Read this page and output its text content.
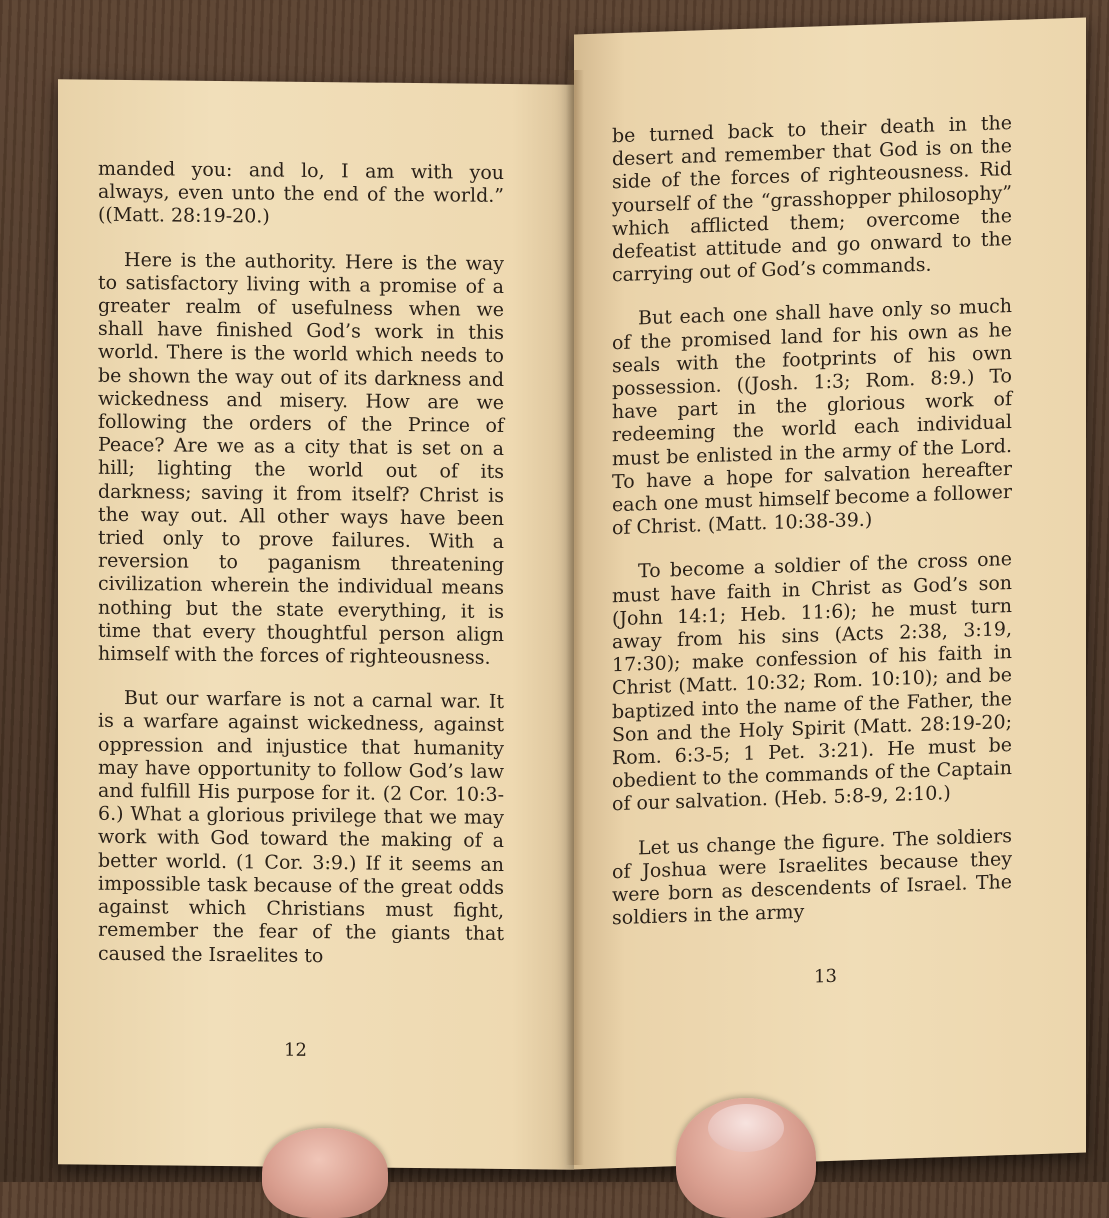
manded you: and lo, I am with you always, even unto the end of the world.” ((Matt. 28:19-20.)

Here is the authority. Here is the way to satisfactory living with a promise of a greater realm of usefulness when we shall have finished God’s work in this world. There is the world which needs to be shown the way out of its darkness and wickedness and misery. How are we following the orders of the Prince of Peace? Are we as a city that is set on a hill; lighting the world out of its darkness; saving it from itself? Christ is the way out. All other ways have been tried only to prove failures. With a reversion to paganism threatening civilization wherein the individual means nothing but the state everything, it is time that every thoughtful person align himself with the forces of righteousness.

But our warfare is not a carnal war. It is a warfare against wickedness, against oppression and injustice that humanity may have opportunity to follow God’s law and fulfill His purpose for it. (2 Cor. 10:3-6.) What a glorious privilege that we may work with God toward the making of a better world. (1 Cor. 3:9.) If it seems an impossible task because of the great odds against which Christians must fight, remember the fear of the giants that caused the Israelites to

12

be turned back to their death in the desert and remember that God is on the side of the forces of righteousness. Rid yourself of the “grasshopper philosophy” which afflicted them; overcome the defeatist attitude and go onward to the carrying out of God’s commands.

But each one shall have only so much of the promised land for his own as he seals with the footprints of his own possession. ((Josh. 1:3; Rom. 8:9.) To have part in the glorious work of redeeming the world each individual must be enlisted in the army of the Lord. To have a hope for salvation hereafter each one must himself become a follower of Christ. (Matt. 10:38-39.)

To become a soldier of the cross one must have faith in Christ as God’s son (John 14:1; Heb. 11:6); he must turn away from his sins (Acts 2:38, 3:19, 17:30); make confession of his faith in Christ (Matt. 10:32; Rom. 10:10); and be baptized into the name of the Father, the Son and the Holy Spirit (Matt. 28:19-20; Rom. 6:3-5; 1 Pet. 3:21). He must be obedient to the commands of the Captain of our salvation. (Heb. 5:8-9, 2:10.)

Let us change the figure. The soldiers of Joshua were Israelites because they were born as descendents of Israel. The soldiers in the army

13
